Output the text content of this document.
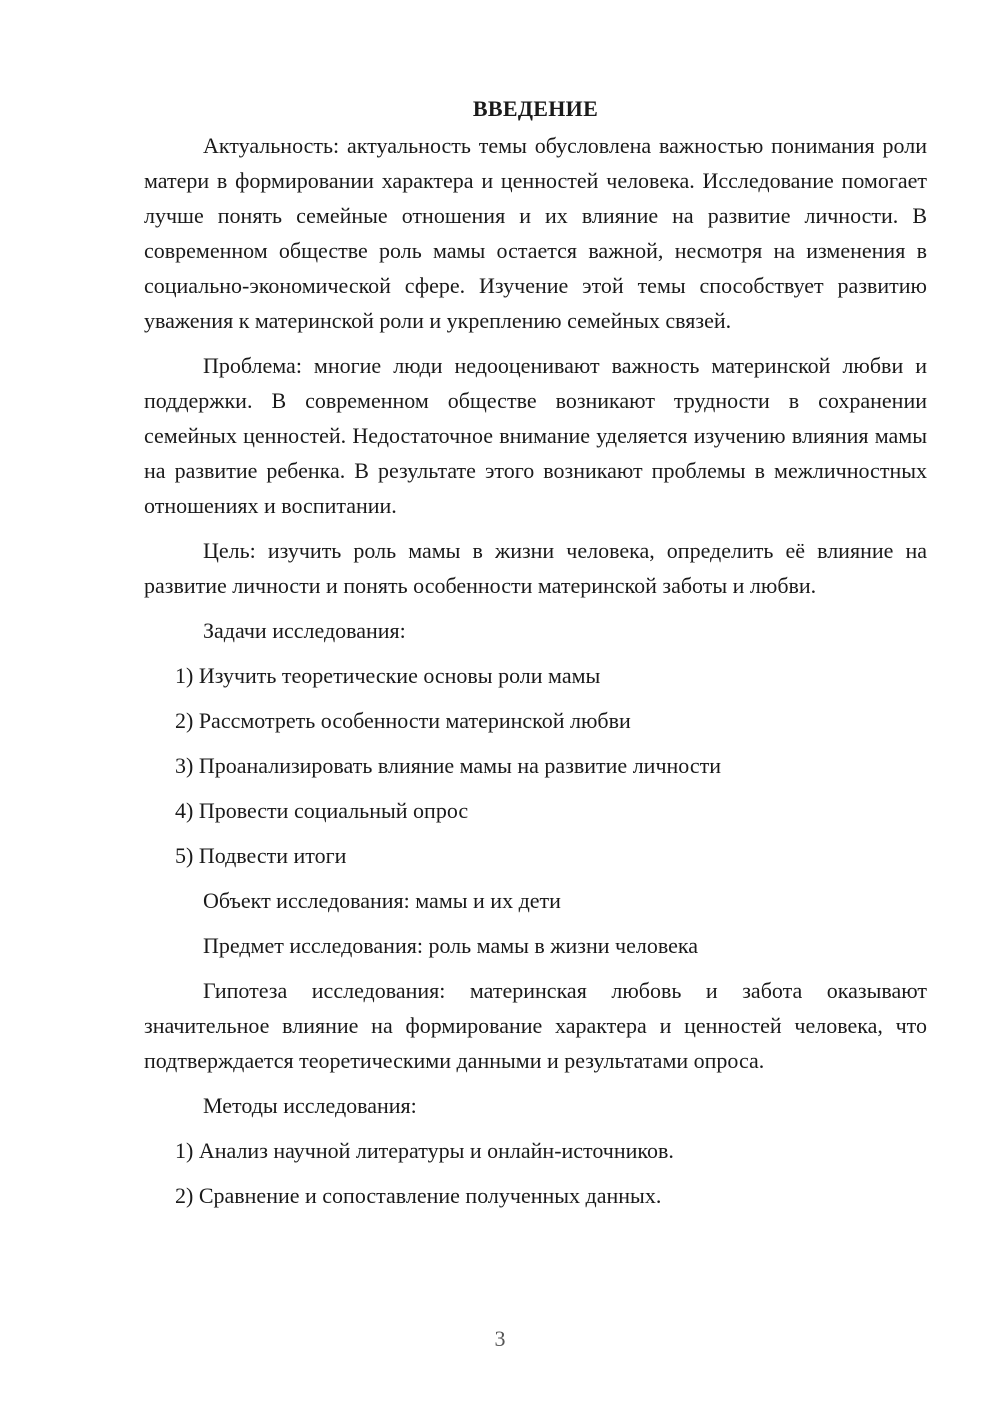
ВВЕДЕНИЕ

Актуальность: актуальность темы обусловлена важностью понимания роли матери в формировании характера и ценностей человека. Исследование помогает лучше понять семейные отношения и их влияние на развитие личности. В современном обществе роль мамы остается важной, несмотря на изменения в социально-экономической сфере. Изучение этой темы способствует развитию уважения к материнской роли и укреплению семейных связей.

Проблема: многие люди недооценивают важность материнской любви и поддержки. В современном обществе возникают трудности в сохранении семейных ценностей. Недостаточное внимание уделяется изучению влияния мамы на развитие ребенка. В результате этого возникают проблемы в межличностных отношениях и воспитании.

Цель: изучить роль мамы в жизни человека, определить её влияние на развитие личности и понять особенности материнской заботы и любви.

Задачи исследования:
1) Изучить теоретические основы роли мамы
2) Рассмотреть особенности материнской любви
3) Проанализировать влияние мамы на развитие личности
4) Провести социальный опрос
5) Подвести итоги
Объект исследования: мамы и их дети
Предмет исследования: роль мамы в жизни человека

Гипотеза исследования: материнская любовь и забота оказывают значительное влияние на формирование характера и ценностей человека, что подтверждается теоретическими данными и результатами опроса.

Методы исследования:
1) Анализ научной литературы и онлайн-источников.
2) Сравнение и сопоставление полученных данных.
3
